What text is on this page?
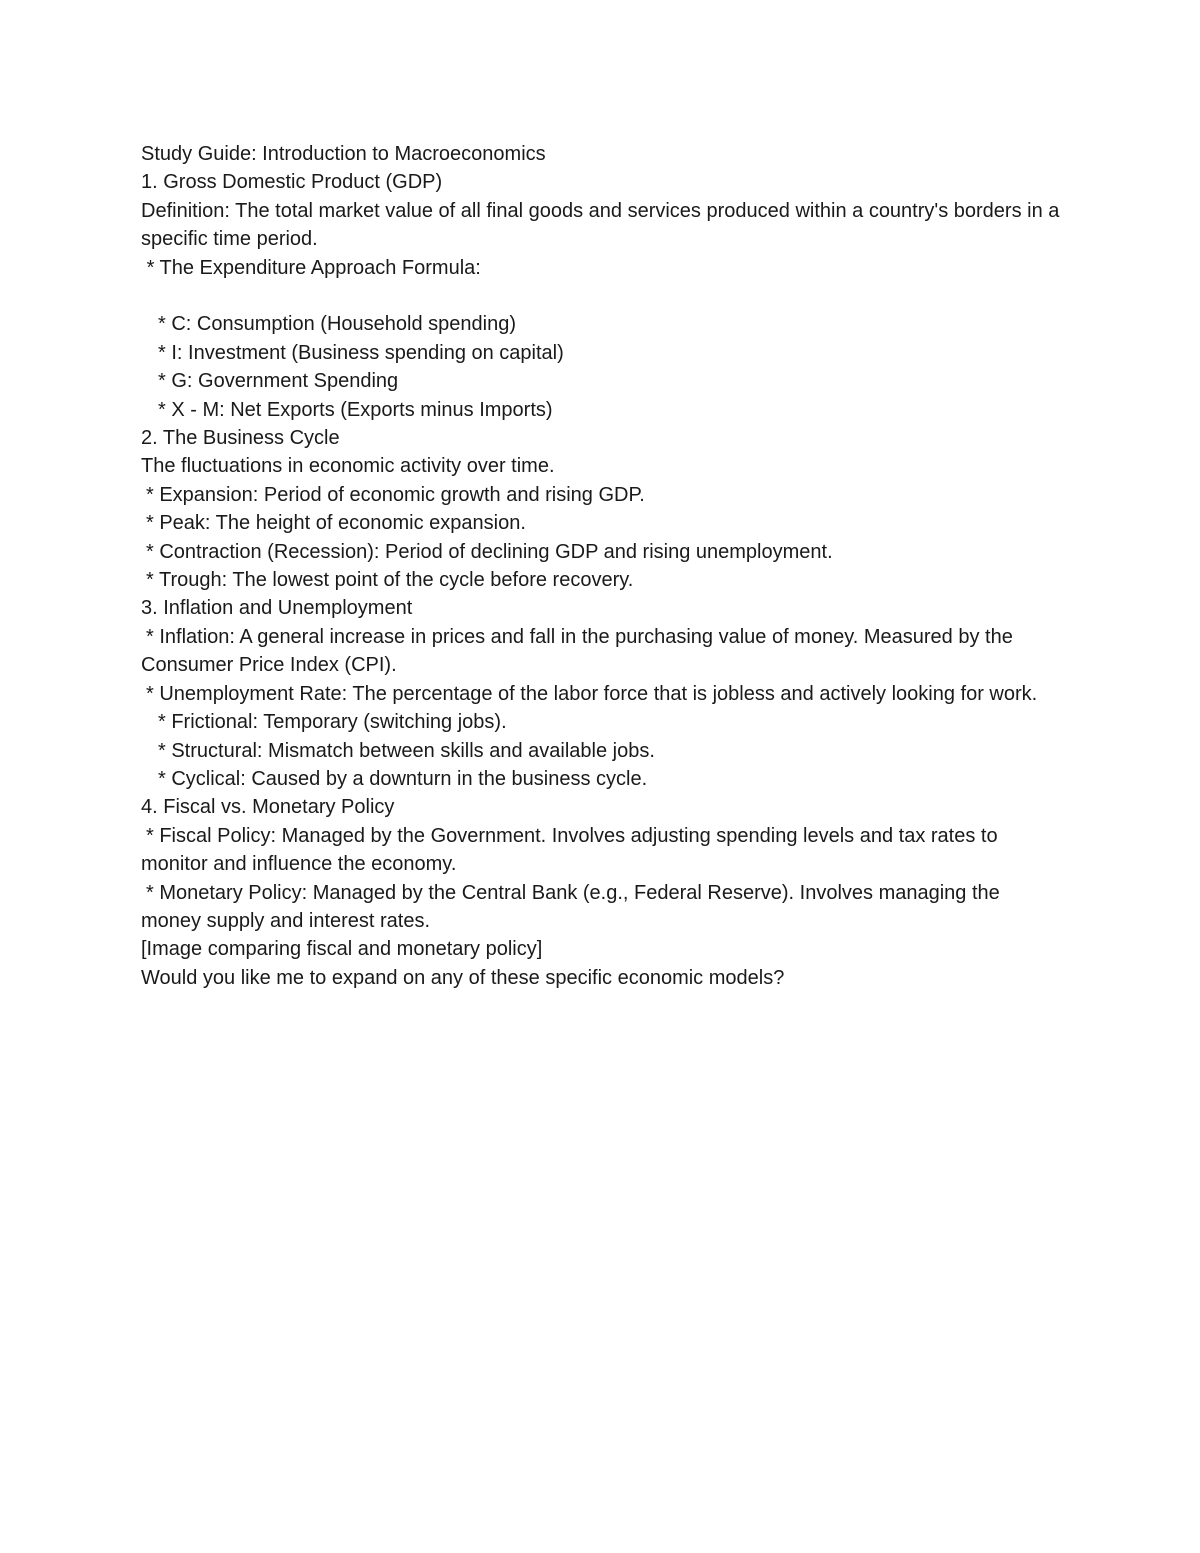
Study Guide: Introduction to Macroeconomics

1. Gross Domestic Product (GDP)

Definition: The total market value of all final goods and services produced within a country's borders in a specific time period.

* The Expenditure Approach Formula:

* C: Consumption (Household spending)

* I: Investment (Business spending on capital)

* G: Government Spending

* X - M: Net Exports (Exports minus Imports)

2. The Business Cycle

The fluctuations in economic activity over time.

* Expansion: Period of economic growth and rising GDP.

* Peak: The height of economic expansion.

* Contraction (Recession): Period of declining GDP and rising unemployment.

* Trough: The lowest point of the cycle before recovery.

3. Inflation and Unemployment

* Inflation: A general increase in prices and fall in the purchasing value of money. Measured by the Consumer Price Index (CPI).

* Unemployment Rate: The percentage of the labor force that is jobless and actively looking for work.

* Frictional: Temporary (switching jobs).

* Structural: Mismatch between skills and available jobs.

* Cyclical: Caused by a downturn in the business cycle.

4. Fiscal vs. Monetary Policy

* Fiscal Policy: Managed by the Government. Involves adjusting spending levels and tax rates to monitor and influence the economy.

* Monetary Policy: Managed by the Central Bank (e.g., Federal Reserve). Involves managing the money supply and interest rates.

[Image comparing fiscal and monetary policy]

Would you like me to expand on any of these specific economic models?
